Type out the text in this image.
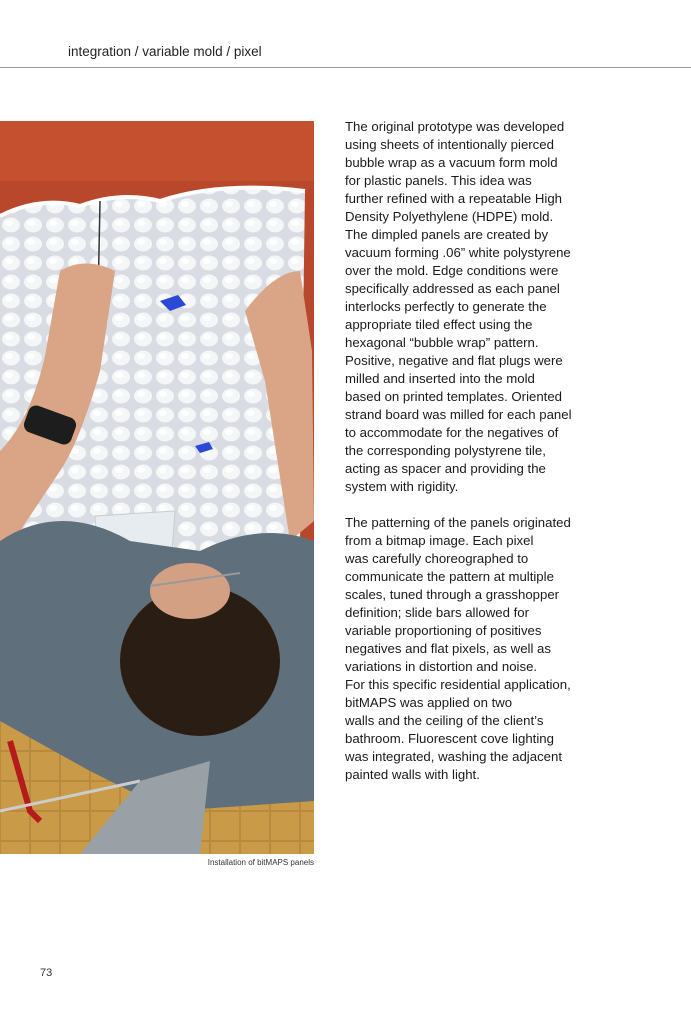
integration / variable mold / pixel
Installation of bitMAPS panels

The original prototype was developed
using sheets of intentionally pierced
bubble wrap as a vacuum form mold
for plastic panels. This idea was
further refined with a repeatable High
Density Polyethylene (HDPE) mold.
The dimpled panels are created by
vacuum forming .06” white polystyrene
over the mold. Edge conditions were
specifically addressed as each panel
interlocks perfectly to generate the
appropriate tiled effect using the
hexagonal “bubble wrap” pattern.
Positive, negative and flat plugs were
milled and inserted into the mold
based on printed templates. Oriented
strand board was milled for each panel
to accommodate for the negatives of
the corresponding polystyrene tile,
acting as spacer and providing the
system with rigidity.

The patterning of the panels originated
from a bitmap image. Each pixel
was carefully choreographed to
communicate the pattern at multiple
scales, tuned through a grasshopper
definition; slide bars allowed for
variable proportioning of positives
negatives and flat pixels, as well as
variations in distortion and noise.
For this specific residential application,
bitMAPS was applied on two
walls and the ceiling of the client’s
bathroom. Fluorescent cove lighting
was integrated, washing the adjacent
painted walls with light.

73
